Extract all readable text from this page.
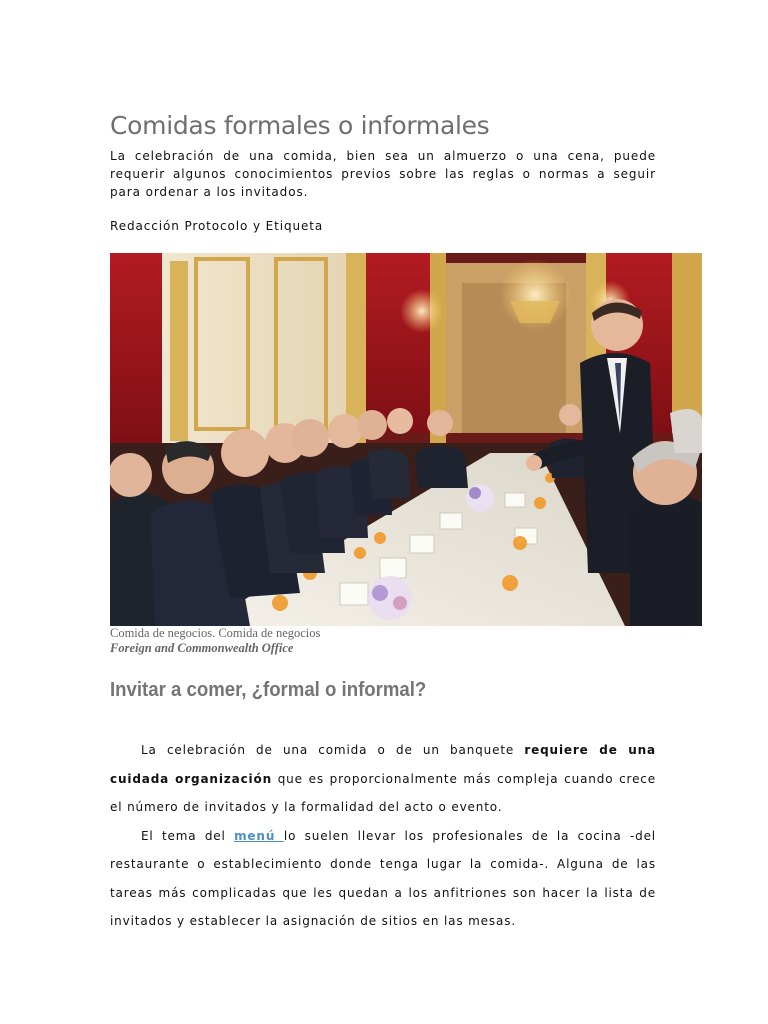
Comidas formales o informales

La celebración de una comida, bien sea un almuerzo o una cena, puede requerir algunos conocimientos previos sobre las reglas o normas a seguir para ordenar a los invitados.

Redacción Protocolo y Etiqueta

Comida de negocios. Comida de negocios
Foreign and Commonwealth Office
Invitar a comer, ¿formal o informal?

La celebración de una comida o de un banquete requiere de una cuidada organización que es proporcionalmente más compleja cuando crece el número de invitados y la formalidad del acto o evento.

El tema del menú lo suelen llevar los profesionales de la cocina -del restaurante o establecimiento donde tenga lugar la comida-. Alguna de las tareas más complicadas que les quedan a los anfitriones son hacer la lista de invitados y establecer la asignación de sitios en las mesas.
